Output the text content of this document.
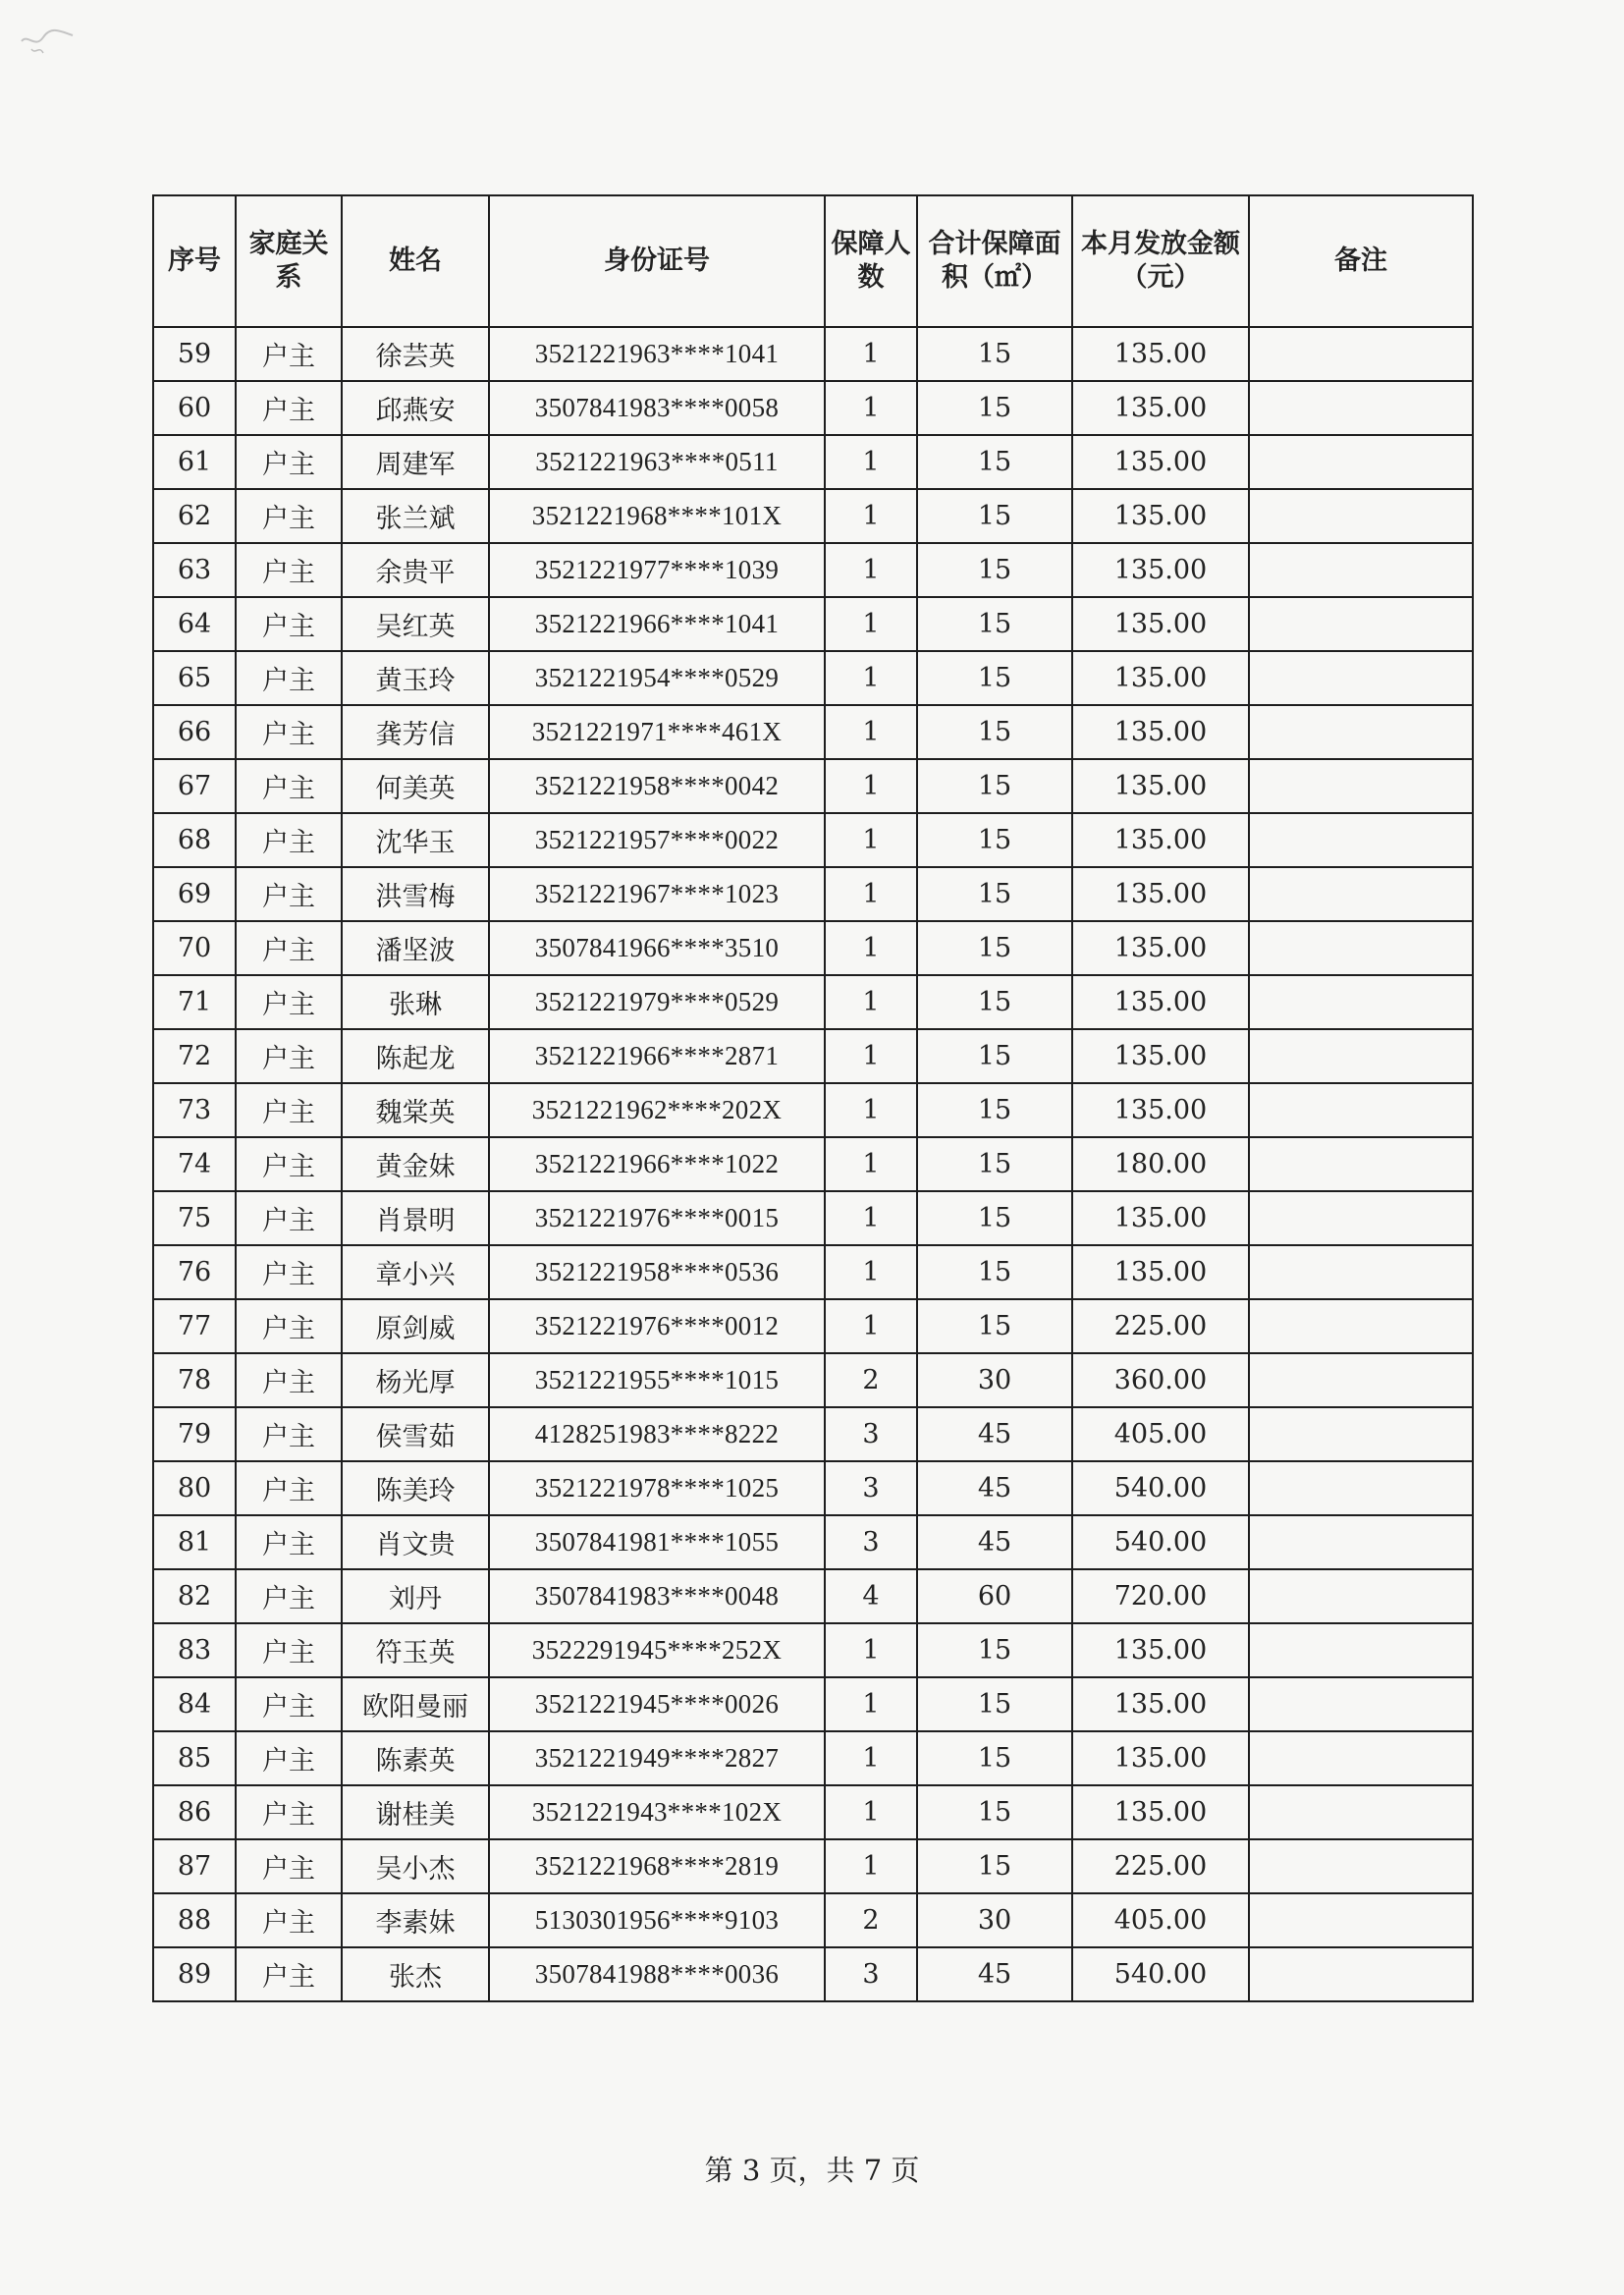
序号	家庭关系	姓名	身份证号	保障人数	合计保障面积（㎡）	本月发放金额（元）	备注
59	户主	徐芸英	3521221963****1041	1	15	135.00	
60	户主	邱燕安	3507841983****0058	1	15	135.00	
61	户主	周建军	3521221963****0511	1	15	135.00	
62	户主	张兰斌	3521221968****101X	1	15	135.00	
63	户主	余贵平	3521221977****1039	1	15	135.00	
64	户主	吴红英	3521221966****1041	1	15	135.00	
65	户主	黄玉玲	3521221954****0529	1	15	135.00	
66	户主	龚芳信	3521221971****461X	1	15	135.00	
67	户主	何美英	3521221958****0042	1	15	135.00	
68	户主	沈华玉	3521221957****0022	1	15	135.00	
69	户主	洪雪梅	3521221967****1023	1	15	135.00	
70	户主	潘坚波	3507841966****3510	1	15	135.00	
71	户主	张琳	3521221979****0529	1	15	135.00	
72	户主	陈起龙	3521221966****2871	1	15	135.00	
73	户主	魏棠英	3521221962****202X	1	15	135.00	
74	户主	黄金妹	3521221966****1022	1	15	180.00	
75	户主	肖景明	3521221976****0015	1	15	135.00	
76	户主	章小兴	3521221958****0536	1	15	135.00	
77	户主	原剑威	3521221976****0012	1	15	225.00	
78	户主	杨光厚	3521221955****1015	2	30	360.00	
79	户主	侯雪茹	4128251983****8222	3	45	405.00	
80	户主	陈美玲	3521221978****1025	3	45	540.00	
81	户主	肖文贵	3507841981****1055	3	45	540.00	
82	户主	刘丹	3507841983****0048	4	60	720.00	
83	户主	符玉英	3522291945****252X	1	15	135.00	
84	户主	欧阳曼丽	3521221945****0026	1	15	135.00	
85	户主	陈素英	3521221949****2827	1	15	135.00	
86	户主	谢桂美	3521221943****102X	1	15	135.00	
87	户主	吴小杰	3521221968****2819	1	15	225.00	
88	户主	李素妹	5130301956****9103	2	30	405.00	
89	户主	张杰	3507841988****0036	3	45	540.00	
第 3 页，共 7 页
